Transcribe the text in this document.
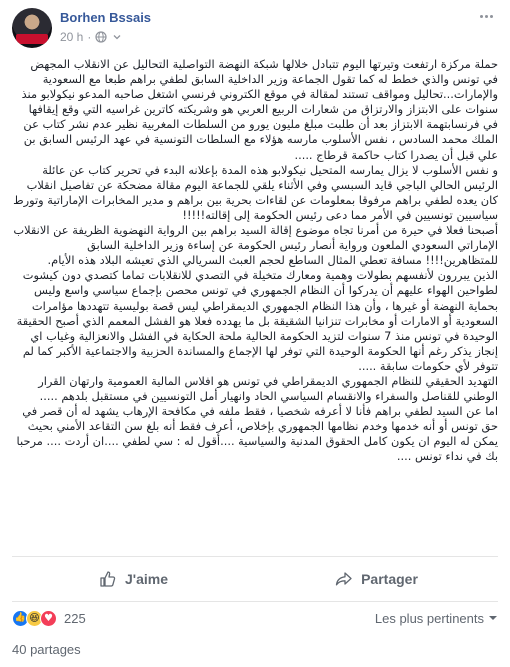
Borhen Bssais
20 h ·

حملة مركزة ارتفعت وتيرتها اليوم تتبادل خلالها شبكة النهضة التواصلية التحاليل عن الانقلاب المجهض في تونس والذي خطط له كما تقول الجماعة وزير الداخلية السابق لطفي براهم طبعا مع السعودية والإمارات...تحاليل ومواقف تستند لمقالة في موقع الكتروني فرنسي اشتغل صاحبه المدعو نيكولابو منذ سنوات على الابتزاز والارتزاق من شعارات الربيع العربي هو وشريكته كاترين غراسيه التي وقع إيقافها في فرنسابتهمة الابتزاز بعد أن طلبت مبلغ مليون يورو من السلطات المغربية نظير عدم نشر كتاب عن الملك محمد السادس ، نفس الأسلوب مارسه هؤلاء مع السلطات التونسية في عهد الرئيس السابق بن علي قبل أن يصدرا كتاب حاكمة قرطاج .....

و نفس الأسلوب لا يزال يمارسه المتحيل نيكولابو هذه المدة بإعلانه البدء في تحرير كتاب عن عائلة الرئيس الحالي الباجي قايد السبسي وفي الأثناء يلقي للجماعة اليوم مقالة مضحكة عن تفاصيل انقلاب كان يعده لطفي براهم مرفوقا بمعلومات عن لقاءات بحرية بين براهم و مدير المخابرات الإماراتية وتورط سياسيين تونسيين في الأمر مما دعى رئيس الحكومة إلى إقالته!!!!!

أصبحنا فعلا في حيرة من أمرنا تجاه موضوع إقالة السيد براهم بين الرواية النهضوية الظريفة عن الانقلاب الإماراتي السعودي الملعون ورواية أنصار رئيس الحكومة عن إساءة وزير الداخلية السابق للمتظاهرين!!!! مسافة تعطي المثال الساطع لحجم العبث السريالي الذي تعيشه البلاد هذه الأيام.

الذين يبررون لأنفسهم بطولات وهمية ومعارك متخيلة في التصدي للانقلابات تماما كتصدي دون كيشوت لطواحين الهواء عليهم أن يدركوا أن النظام الجمهوري في تونس محصن بإجماع سياسي واسع وليس بحماية النهضة أو غيرها ، وأن هذا النظام الجمهوري الديمقراطي ليس قصة بوليسية تتهددها مؤامرات السعودية أو الامارات أو مخابرات تنزانيا الشقيقة بل ما يهدده فعلا هو الفشل المعمم الذي أصبح الحقيقة الوحيدة في تونس منذ 7 سنوات لتزيد الحكومة الحالية ملحة الحكاية في الفشل والانعزالية وغياب اي إنجاز يذكر رغم أنها الحكومة الوحيدة التي توفر لها الإجماع والمساندة الحزبية والاجتماعية الأكبر كما لم تتوفر لأي حكومات سابقة .....

التهديد الحقيقي للنظام الجمهوري الديمقراطي في تونس هو افلاس المالية العمومية وارتهان القرار الوطني للقناصل والسفراء والانقسام السياسي الحاد وانهيار أمل التونسيين في مستقبل بلدهم .....

اما عن السيد لطفي براهم فأنا لا أعرفه شخصيا ، فقط ملفه في مكافحة الإرهاب يشهد له أن قصر في حق تونس أو أنه خدمها وخدم نظامها الجمهوري بإخلاص، أعرف فقط أنه بلغ سن التقاعد الأمني بحيث يمكن له اليوم ان يكون كامل الحقوق المدنية والسياسية ....أقول له : سي لطفي ....ان أردت .... مرحبا بك في نداء تونس ....

J'aime	Partager
👍 😆 ♥ 225	Les plus pertinents
40 partages
